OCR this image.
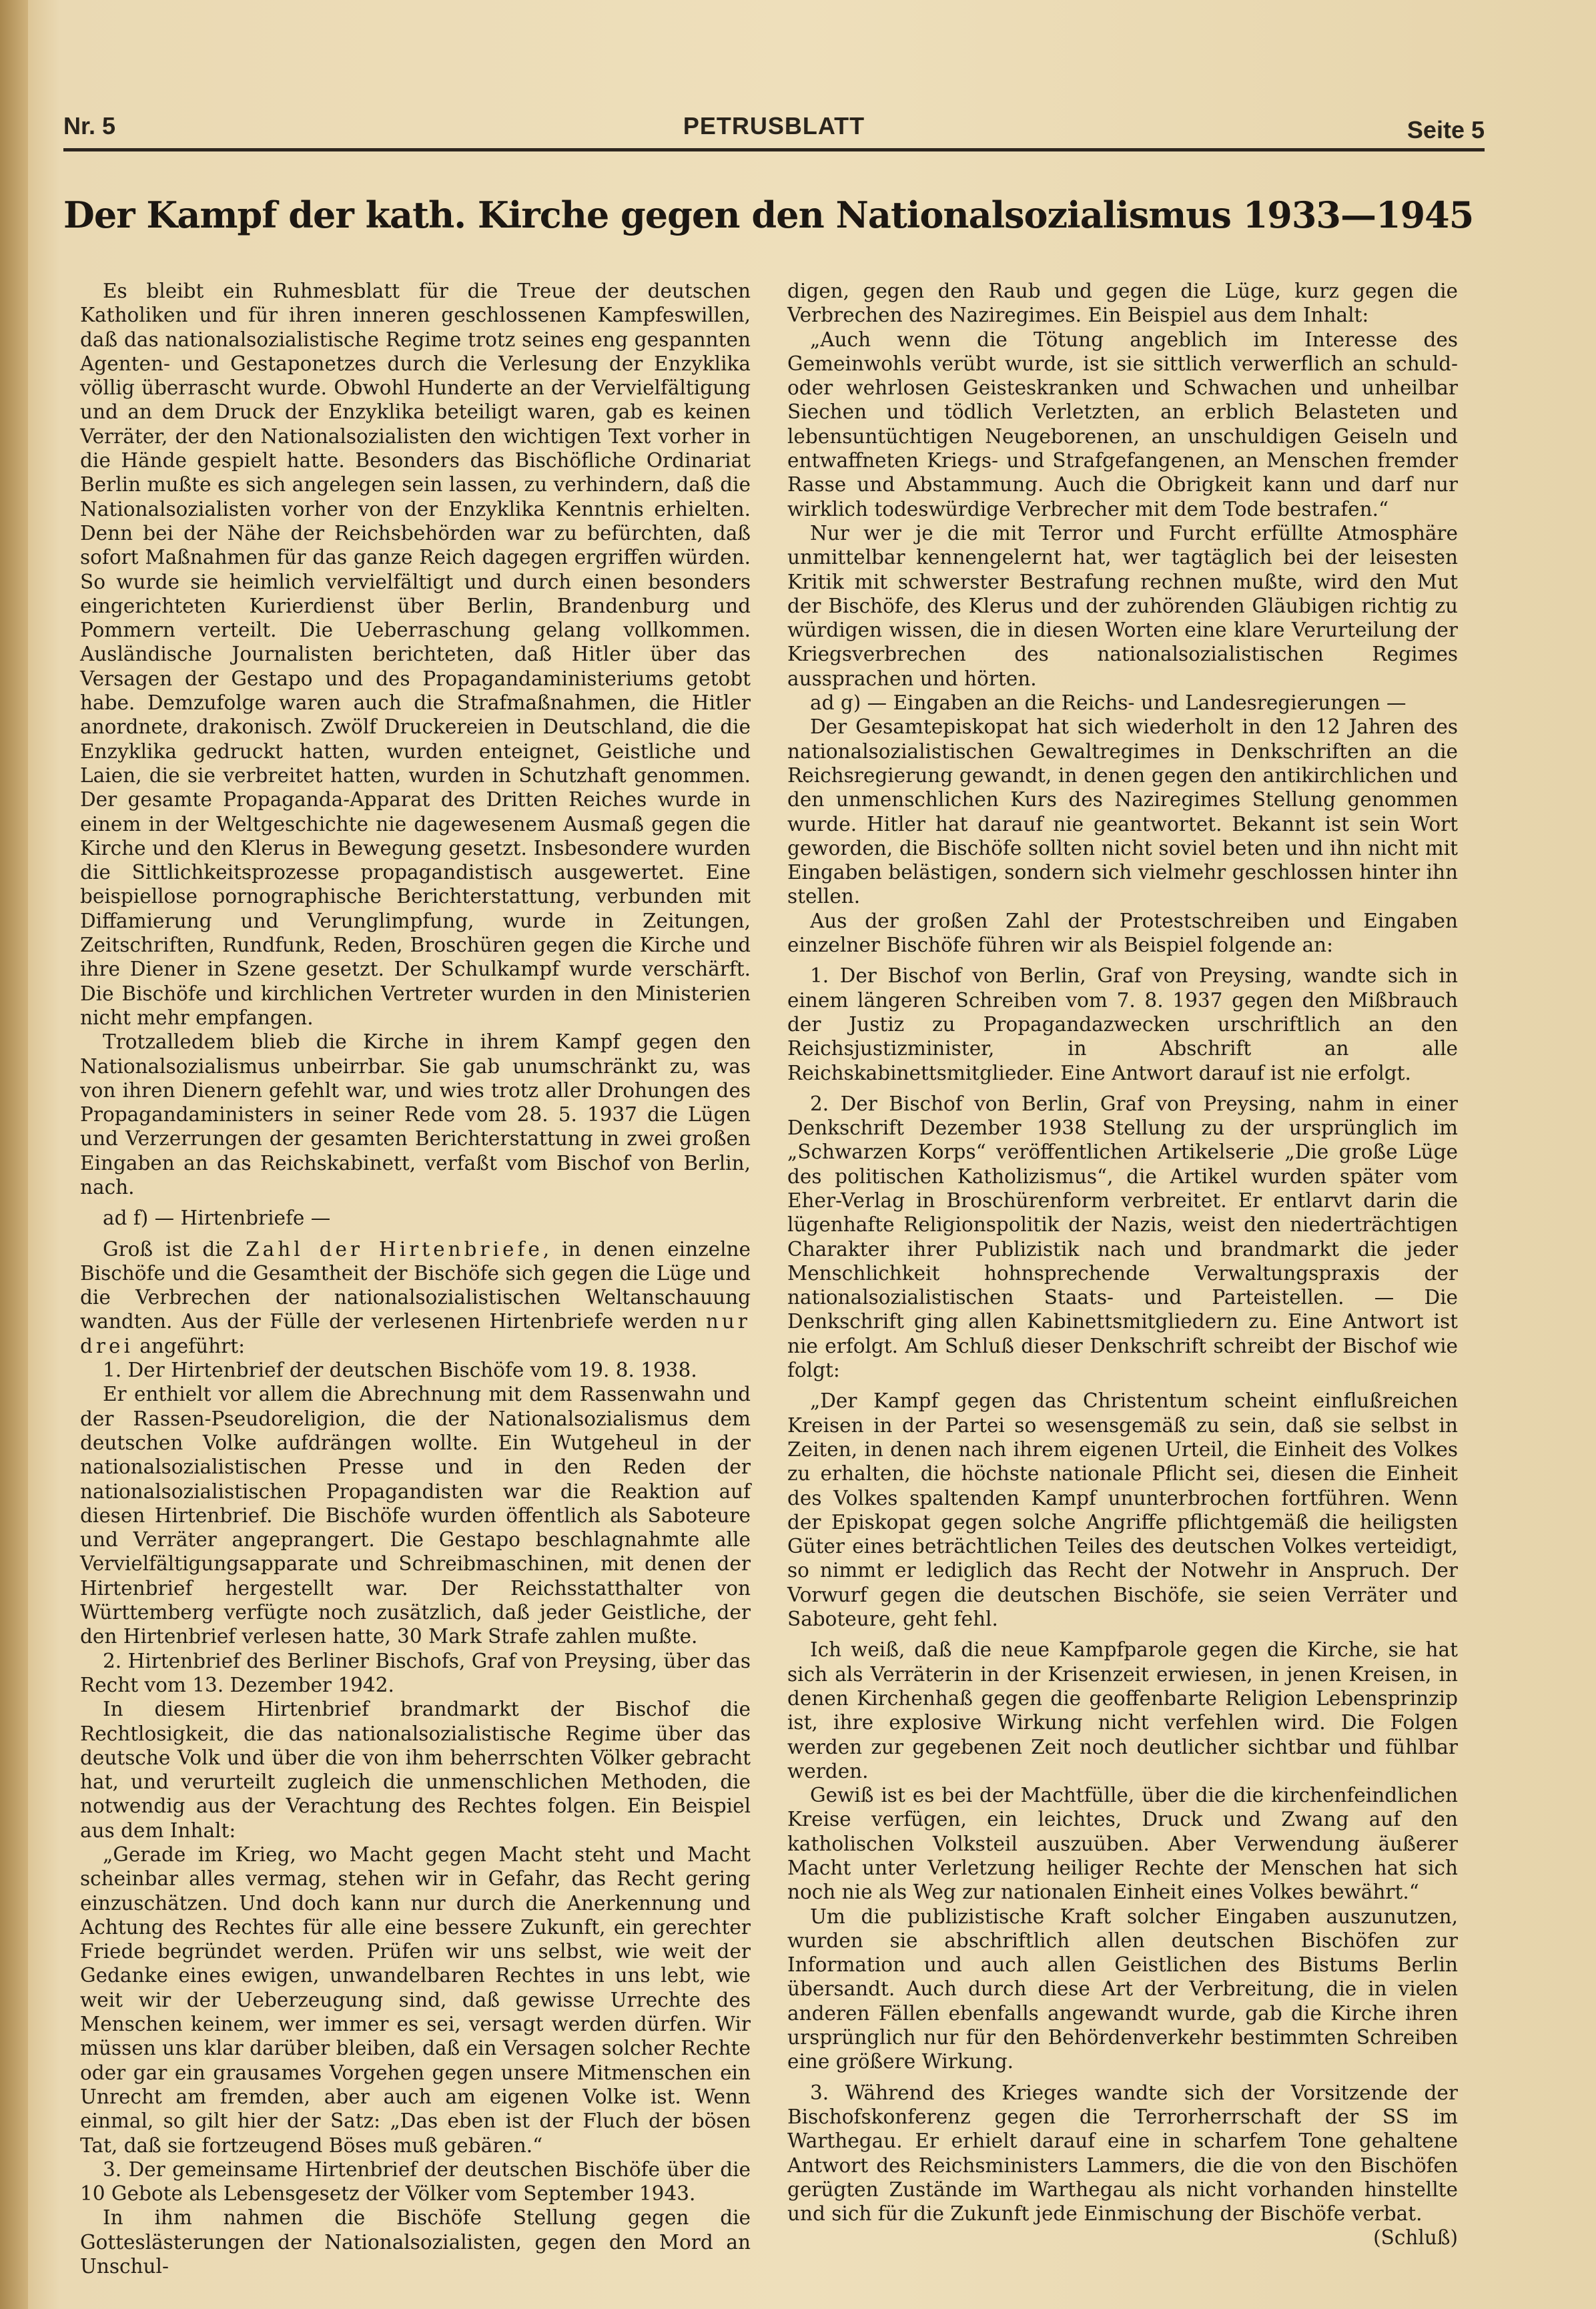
Nr. 5	PETRUSBLATT	Seite 5
Der Kampf der kath. Kirche gegen den Nationalsozialismus 1933—1945

Es bleibt ein Ruhmesblatt für die Treue der deutschen Katholiken und für ihren inneren geschlossenen Kampfeswillen, daß das nationalsozialistische Regime trotz seines eng gespannten Agenten- und Gestaponetzes durch die Verlesung der Enzyklika völlig überrascht wurde. Obwohl Hunderte an der Vervielfältigung und an dem Druck der Enzyklika beteiligt waren, gab es keinen Verräter, der den Nationalsozialisten den wichtigen Text vorher in die Hände gespielt hatte. Besonders das Bischöfliche Ordinariat Berlin mußte es sich angelegen sein lassen, zu verhindern, daß die Nationalsozialisten vorher von der Enzyklika Kenntnis erhielten. Denn bei der Nähe der Reichsbehörden war zu befürchten, daß sofort Maßnahmen für das ganze Reich dagegen ergriffen würden. So wurde sie heimlich vervielfältigt und durch einen besonders eingerichteten Kurierdienst über Berlin, Brandenburg und Pommern verteilt. Die Ueberraschung gelang vollkommen. Ausländische Journalisten berichteten, daß Hitler über das Versagen der Gestapo und des Propagandaministeriums getobt habe. Demzufolge waren auch die Strafmaßnahmen, die Hitler anordnete, drakonisch. Zwölf Druckereien in Deutschland, die die Enzyklika gedruckt hatten, wurden enteignet, Geistliche und Laien, die sie verbreitet hatten, wurden in Schutzhaft genommen. Der gesamte Propaganda-Apparat des Dritten Reiches wurde in einem in der Weltgeschichte nie dagewesenem Ausmaß gegen die Kirche und den Klerus in Bewegung gesetzt. Insbesondere wurden die Sittlichkeitsprozesse propagandistisch ausgewertet. Eine beispiellose pornographische Berichterstattung, verbunden mit Diffamierung und Verunglimpfung, wurde in Zeitungen, Zeitschriften, Rundfunk, Reden, Broschüren gegen die Kirche und ihre Diener in Szene gesetzt. Der Schulkampf wurde verschärft. Die Bischöfe und kirchlichen Vertreter wurden in den Ministerien nicht mehr empfangen.

Trotzalledem blieb die Kirche in ihrem Kampf gegen den Nationalsozialismus unbeirrbar. Sie gab unumschränkt zu, was von ihren Dienern gefehlt war, und wies trotz aller Drohungen des Propagandaministers in seiner Rede vom 28. 5. 1937 die Lügen und Verzerrungen der gesamten Berichterstattung in zwei großen Eingaben an das Reichskabinett, verfaßt vom Bischof von Berlin, nach.

ad f) — Hirtenbriefe —

Groß ist die Zahl der Hirtenbriefe, in denen einzelne Bischöfe und die Gesamtheit der Bischöfe sich gegen die Lüge und die Verbrechen der nationalsozialistischen Weltanschauung wandten. Aus der Fülle der verlesenen Hirtenbriefe werden nur drei angeführt:

1. Der Hirtenbrief der deutschen Bischöfe vom 19. 8. 1938.

Er enthielt vor allem die Abrechnung mit dem Rassenwahn und der Rassen-Pseudoreligion, die der Nationalsozialismus dem deutschen Volke aufdrängen wollte. Ein Wutgeheul in der nationalsozialistischen Presse und in den Reden der nationalsozialistischen Propagandisten war die Reaktion auf diesen Hirtenbrief. Die Bischöfe wurden öffentlich als Saboteure und Verräter angeprangert. Die Gestapo beschlagnahmte alle Vervielfältigungsapparate und Schreibmaschinen, mit denen der Hirtenbrief hergestellt war. Der Reichsstatthalter von Württemberg verfügte noch zusätzlich, daß jeder Geistliche, der den Hirtenbrief verlesen hatte, 30 Mark Strafe zahlen mußte.

2. Hirtenbrief des Berliner Bischofs, Graf von Preysing, über das Recht vom 13. Dezember 1942.

In diesem Hirtenbrief brandmarkt der Bischof die Rechtlosigkeit, die das nationalsozialistische Regime über das deutsche Volk und über die von ihm beherrschten Völker gebracht hat, und verurteilt zugleich die unmenschlichen Methoden, die notwendig aus der Verachtung des Rechtes folgen. Ein Beispiel aus dem Inhalt:

„Gerade im Krieg, wo Macht gegen Macht steht und Macht scheinbar alles vermag, stehen wir in Gefahr, das Recht gering einzuschätzen. Und doch kann nur durch die Anerkennung und Achtung des Rechtes für alle eine bessere Zukunft, ein gerechter Friede begründet werden. Prüfen wir uns selbst, wie weit der Gedanke eines ewigen, unwandelbaren Rechtes in uns lebt, wie weit wir der Ueberzeugung sind, daß gewisse Urrechte des Menschen keinem, wer immer es sei, versagt werden dürfen. Wir müssen uns klar darüber bleiben, daß ein Versagen solcher Rechte oder gar ein grausames Vorgehen gegen unsere Mitmenschen ein Unrecht am fremden, aber auch am eigenen Volke ist. Wenn einmal, so gilt hier der Satz: „Das eben ist der Fluch der bösen Tat, daß sie fortzeugend Böses muß gebären.“

3. Der gemeinsame Hirtenbrief der deutschen Bischöfe über die 10 Gebote als Lebensgesetz der Völker vom September 1943.

In ihm nahmen die Bischöfe Stellung gegen die Gotteslästerungen der Nationalsozialisten, gegen den Mord an Unschul-

digen, gegen den Raub und gegen die Lüge, kurz gegen die Verbrechen des Naziregimes. Ein Beispiel aus dem Inhalt:

„Auch wenn die Tötung angeblich im Interesse des Gemeinwohls verübt wurde, ist sie sittlich verwerflich an schuld- oder wehrlosen Geisteskranken und Schwachen und unheilbar Siechen und tödlich Verletzten, an erblich Belasteten und lebensuntüchtigen Neugeborenen, an unschuldigen Geiseln und entwaffneten Kriegs- und Strafgefangenen, an Menschen fremder Rasse und Abstammung. Auch die Obrigkeit kann und darf nur wirklich todeswürdige Verbrecher mit dem Tode bestrafen.“

Nur wer je die mit Terror und Furcht erfüllte Atmosphäre unmittelbar kennengelernt hat, wer tagtäglich bei der leisesten Kritik mit schwerster Bestrafung rechnen mußte, wird den Mut der Bischöfe, des Klerus und der zuhörenden Gläubigen richtig zu würdigen wissen, die in diesen Worten eine klare Verurteilung der Kriegsverbrechen des nationalsozialistischen Regimes aussprachen und hörten.

ad g) — Eingaben an die Reichs- und Landesregierungen —

Der Gesamtepiskopat hat sich wiederholt in den 12 Jahren des nationalsozialistischen Gewaltregimes in Denkschriften an die Reichsregierung gewandt, in denen gegen den antikirchlichen und den unmenschlichen Kurs des Naziregimes Stellung genommen wurde. Hitler hat darauf nie geantwortet. Bekannt ist sein Wort geworden, die Bischöfe sollten nicht soviel beten und ihn nicht mit Eingaben belästigen, sondern sich vielmehr geschlossen hinter ihn stellen.

Aus der großen Zahl der Protestschreiben und Eingaben einzelner Bischöfe führen wir als Beispiel folgende an:

1. Der Bischof von Berlin, Graf von Preysing, wandte sich in einem längeren Schreiben vom 7. 8. 1937 gegen den Mißbrauch der Justiz zu Propagandazwecken urschriftlich an den Reichsjustizminister, in Abschrift an alle Reichskabinettsmitglieder. Eine Antwort darauf ist nie erfolgt.

2. Der Bischof von Berlin, Graf von Preysing, nahm in einer Denkschrift Dezember 1938 Stellung zu der ursprünglich im „Schwarzen Korps“ veröffentlichen Artikelserie „Die große Lüge des politischen Katholizismus“, die Artikel wurden später vom Eher-Verlag in Broschürenform verbreitet. Er entlarvt darin die lügenhafte Religionspolitik der Nazis, weist den niederträchtigen Charakter ihrer Publizistik nach und brandmarkt die jeder Menschlichkeit hohnsprechende Verwaltungspraxis der nationalsozialistischen Staats- und Parteistellen. — Die Denkschrift ging allen Kabinettsmitgliedern zu. Eine Antwort ist nie erfolgt. Am Schluß dieser Denkschrift schreibt der Bischof wie folgt:

„Der Kampf gegen das Christentum scheint einflußreichen Kreisen in der Partei so wesensgemäß zu sein, daß sie selbst in Zeiten, in denen nach ihrem eigenen Urteil, die Einheit des Volkes zu erhalten, die höchste nationale Pflicht sei, diesen die Einheit des Volkes spaltenden Kampf ununterbrochen fortführen. Wenn der Episkopat gegen solche Angriffe pflichtgemäß die heiligsten Güter eines beträchtlichen Teiles des deutschen Volkes verteidigt, so nimmt er lediglich das Recht der Notwehr in Anspruch. Der Vorwurf gegen die deutschen Bischöfe, sie seien Verräter und Saboteure, geht fehl.

Ich weiß, daß die neue Kampfparole gegen die Kirche, sie hat sich als Verräterin in der Krisenzeit erwiesen, in jenen Kreisen, in denen Kirchenhaß gegen die geoffenbarte Religion Lebensprinzip ist, ihre explosive Wirkung nicht verfehlen wird. Die Folgen werden zur gegebenen Zeit noch deutlicher sichtbar und fühlbar werden.

Gewiß ist es bei der Machtfülle, über die die kirchenfeindlichen Kreise verfügen, ein leichtes, Druck und Zwang auf den katholischen Volksteil auszuüben. Aber Verwendung äußerer Macht unter Verletzung heiliger Rechte der Menschen hat sich noch nie als Weg zur nationalen Einheit eines Volkes bewährt.“

Um die publizistische Kraft solcher Eingaben auszunutzen, wurden sie abschriftlich allen deutschen Bischöfen zur Information und auch allen Geistlichen des Bistums Berlin übersandt. Auch durch diese Art der Verbreitung, die in vielen anderen Fällen ebenfalls angewandt wurde, gab die Kirche ihren ursprünglich nur für den Behördenverkehr bestimmten Schreiben eine größere Wirkung.

3. Während des Krieges wandte sich der Vorsitzende der Bischofskonferenz gegen die Terrorherrschaft der SS im Warthegau. Er erhielt darauf eine in scharfem Tone gehaltene Antwort des Reichsministers Lammers, die die von den Bischöfen gerügten Zustände im Warthegau als nicht vorhanden hinstellte und sich für die Zukunft jede Einmischung der Bischöfe verbat.
(Schluß)
